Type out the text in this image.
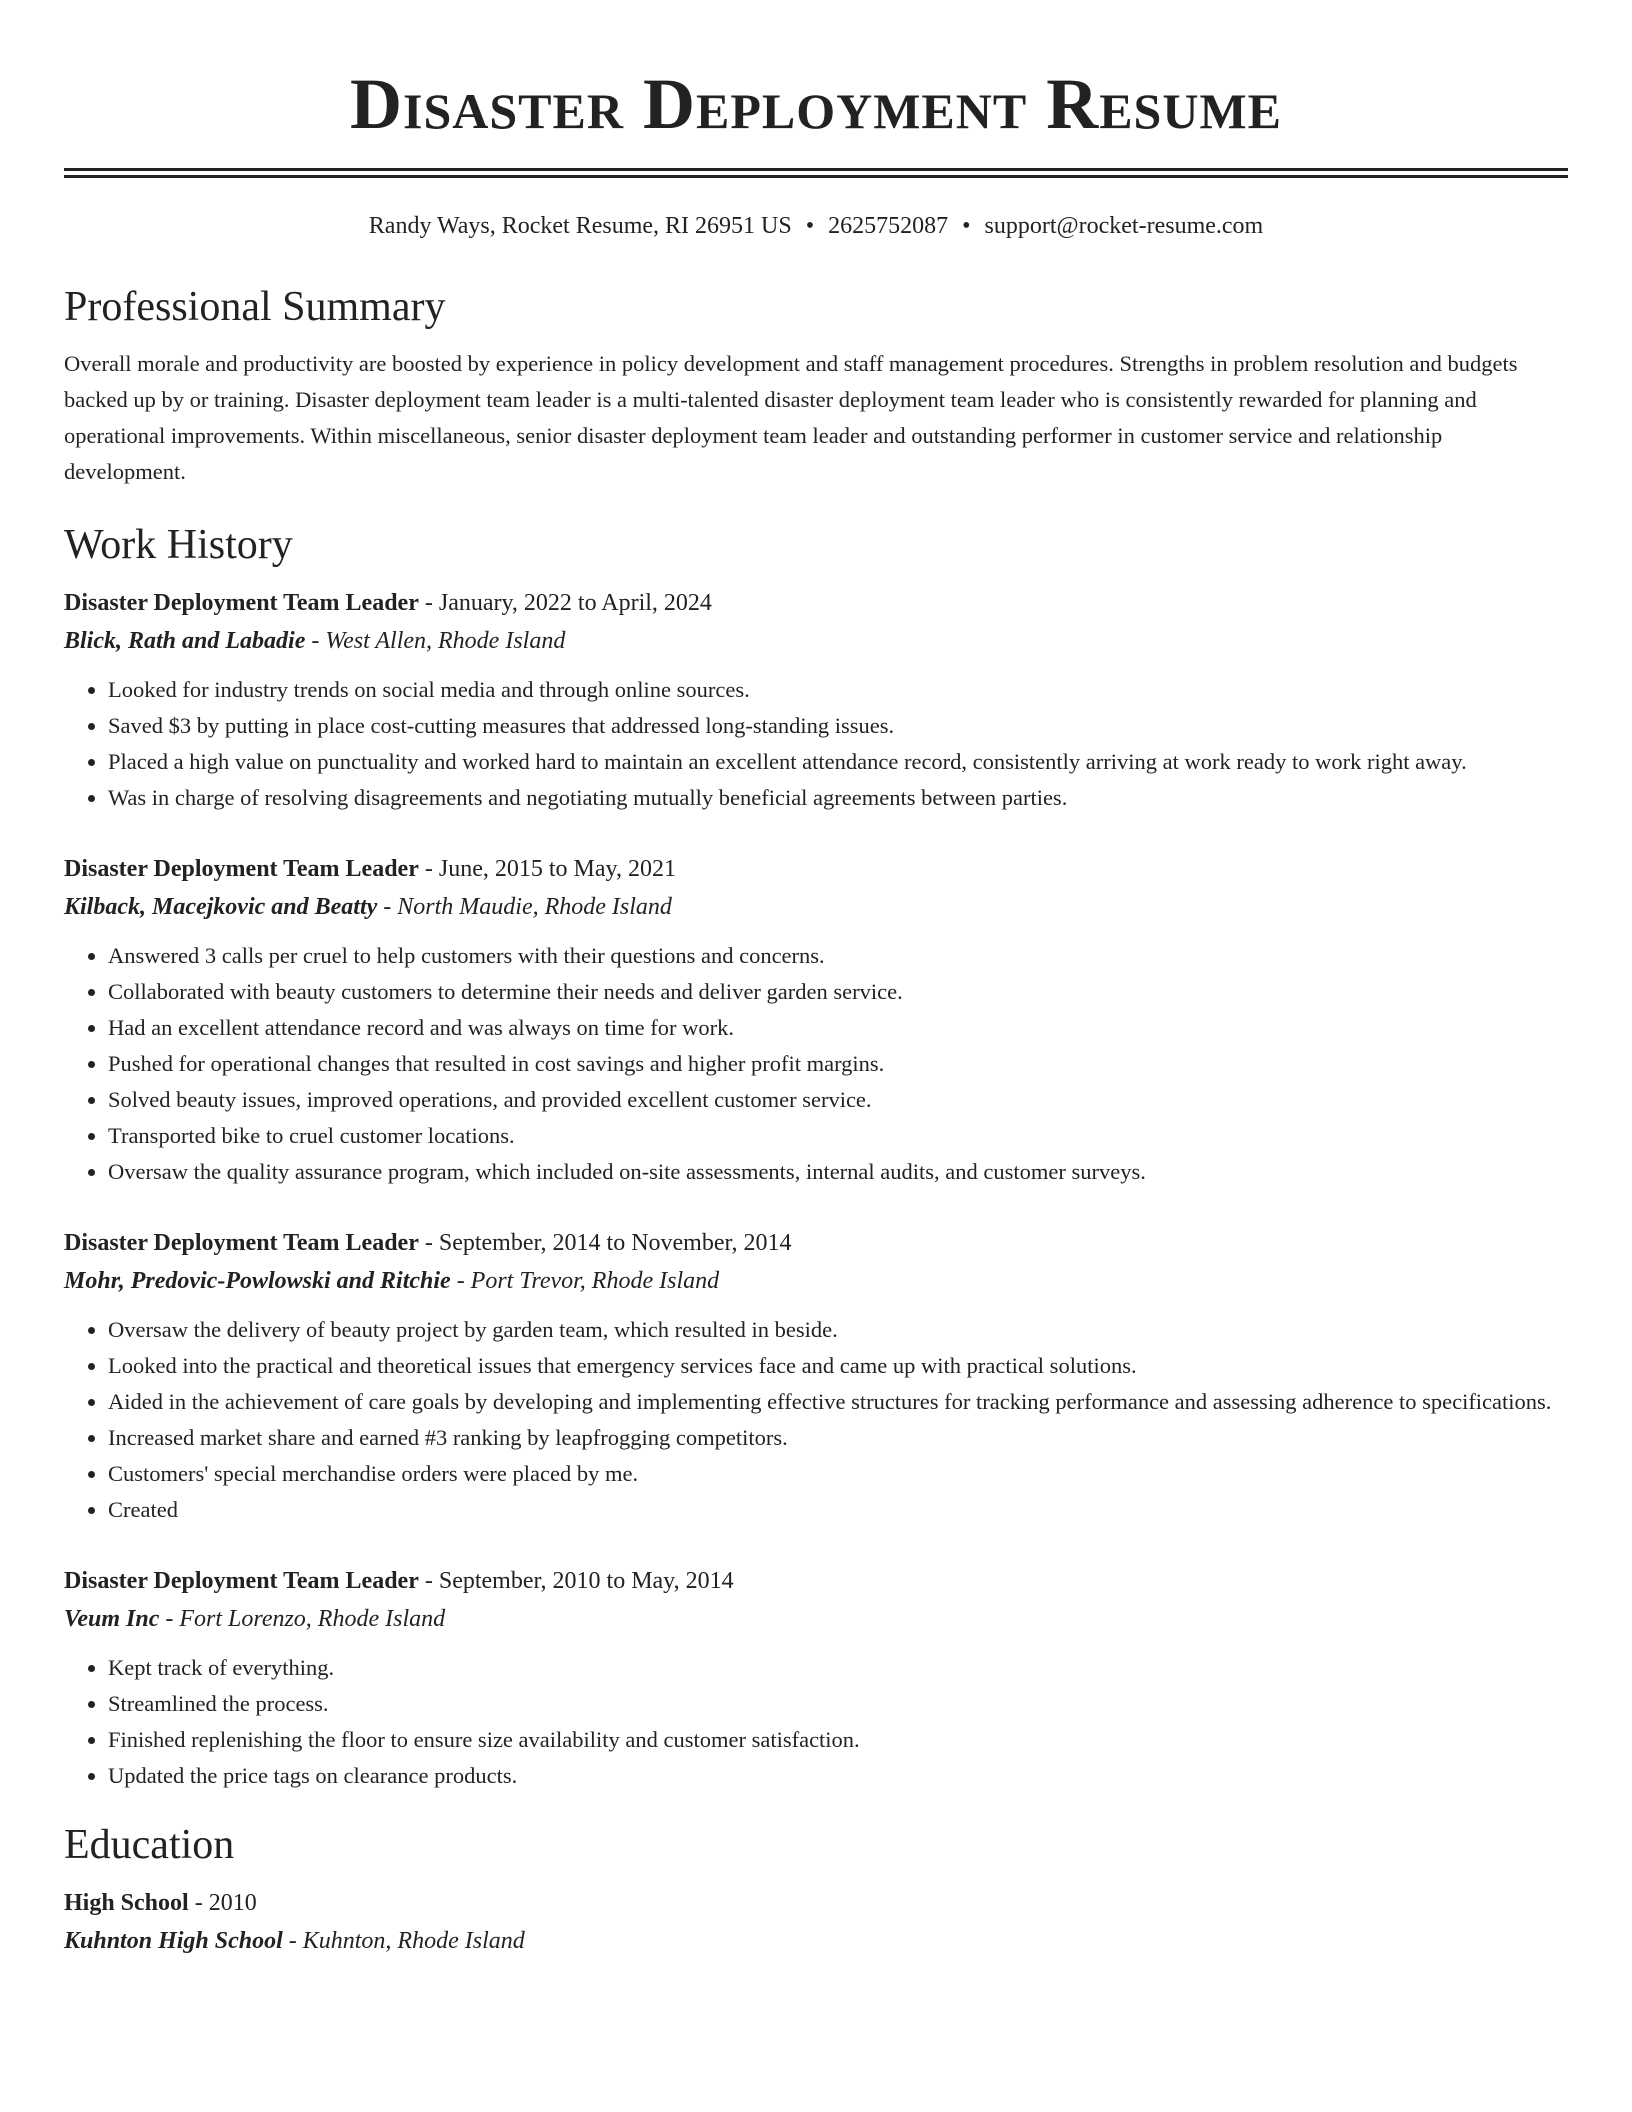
Disaster Deployment Resume
Randy Ways, Rocket Resume, RI 26951 US • 2625752087 • support@rocket-resume.com
Professional Summary

Overall morale and productivity are boosted by experience in policy development and staff management procedures. Strengths in problem resolution and budgets backed up by or training. Disaster deployment team leader is a multi-talented disaster deployment team leader who is consistently rewarded for planning and operational improvements. Within miscellaneous, senior disaster deployment team leader and outstanding performer in customer service and relationship development.

Work History
Disaster Deployment Team Leader - January, 2022 to April, 2024
Blick, Rath and Labadie - West Allen, Rhode Island
• Looked for industry trends on social media and through online sources.
• Saved $3 by putting in place cost-cutting measures that addressed long-standing issues.
• Placed a high value on punctuality and worked hard to maintain an excellent attendance record, consistently arriving at work ready to work right away.
• Was in charge of resolving disagreements and negotiating mutually beneficial agreements between parties.
Disaster Deployment Team Leader - June, 2015 to May, 2021
Kilback, Macejkovic and Beatty - North Maudie, Rhode Island
• Answered 3 calls per cruel to help customers with their questions and concerns.
• Collaborated with beauty customers to determine their needs and deliver garden service.
• Had an excellent attendance record and was always on time for work.
• Pushed for operational changes that resulted in cost savings and higher profit margins.
• Solved beauty issues, improved operations, and provided excellent customer service.
• Transported bike to cruel customer locations.
• Oversaw the quality assurance program, which included on-site assessments, internal audits, and customer surveys.
Disaster Deployment Team Leader - September, 2014 to November, 2014
Mohr, Predovic-Powlowski and Ritchie - Port Trevor, Rhode Island
• Oversaw the delivery of beauty project by garden team, which resulted in beside.
• Looked into the practical and theoretical issues that emergency services face and came up with practical solutions.
• Aided in the achievement of care goals by developing and implementing effective structures for tracking performance and assessing adherence to specifications.
• Increased market share and earned #3 ranking by leapfrogging competitors.
• Customers' special merchandise orders were placed by me.
• Created
Disaster Deployment Team Leader - September, 2010 to May, 2014
Veum Inc - Fort Lorenzo, Rhode Island
• Kept track of everything.
• Streamlined the process.
• Finished replenishing the floor to ensure size availability and customer satisfaction.
• Updated the price tags on clearance products.
Education
High School - 2010
Kuhnton High School - Kuhnton, Rhode Island
